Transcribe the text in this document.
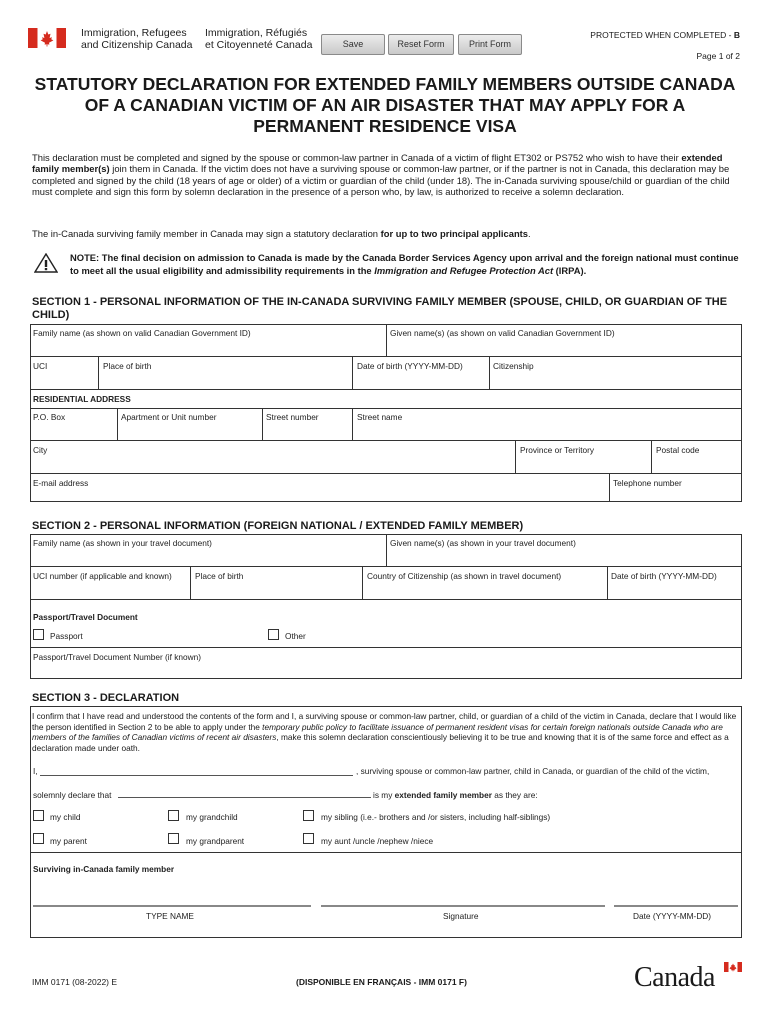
Immigration, Refugees
and Citizenship Canada
Immigration, Réfugiés
et Citoyenneté Canada	Save	Reset Form	Print Form
PROTECTED WHEN COMPLETED - B
Page 1 of 2
STATUTORY DECLARATION FOR EXTENDED FAMILY MEMBERS OUTSIDE CANADA OF A CANADIAN VICTIM OF AN AIR DISASTER THAT MAY APPLY FOR A PERMANENT RESIDENCE VISA
This declaration must be completed and signed by the spouse or common-law partner in Canada of a victim of flight ET302 or PS752 who wish to have their extended family member(s) join them in Canada. If the victim does not have a surviving spouse or common-law partner, or if the partner is not in Canada, this declaration may be completed and signed by the child (18 years of age or older) of a victim or guardian of the child (under 18). The in-Canada surviving spouse/child or guardian of the child must complete and sign this form by solemn declaration in the presence of a person who, by law, is authorized to receive a solemn declaration.
The in-Canada surviving family member in Canada may sign a statutory declaration for up to two principal applicants.
NOTE: The final decision on admission to Canada is made by the Canada Border Services Agency upon arrival and the foreign national must continue to meet all the usual eligibility and admissibility requirements in the Immigration and Refugee Protection Act (IRPA).
SECTION 1 - PERSONAL INFORMATION OF THE IN-CANADA SURVIVING FAMILY MEMBER (SPOUSE, CHILD, OR GUARDIAN OF THE CHILD)
Family name (as shown on valid Canadian Government ID)	Given name(s) (as shown on valid Canadian Government ID)
UCI	Place of birth	Date of birth (YYYY-MM-DD)	Citizenship
RESIDENTIAL ADDRESS
P.O. Box	Apartment or Unit number	Street number	Street name
City	Province or Territory	Postal code
E-mail address	Telephone number
SECTION 2 - PERSONAL INFORMATION (FOREIGN NATIONAL / EXTENDED FAMILY MEMBER)
Family name (as shown in your travel document)	Given name(s) (as shown in your travel document)
UCI number (if applicable and known)	Place of birth	Country of Citizenship (as shown in travel document)	Date of birth (YYYY-MM-DD)
Passport/Travel Document
Passport	Other
Passport/Travel Document Number (if known)
SECTION 3 - DECLARATION
I confirm that I have read and understood the contents of the form and I, a surviving spouse or common-law partner, child, or guardian of a child of the victim in Canada, declare that I would like the person identified in Section 2 to be able to apply under the temporary public policy to facilitate issuance of permanent resident visas for certain foreign nationals outside Canada who are members of the families of Canadian victims of recent air disasters, make this solemn declaration conscientiously believing it to be true and knowing that it is of the same force and effect as a declaration made under oath.
I,	, surviving spouse or common-law partner, child in Canada, or guardian of the child of the victim,
solemnly declare that	is my extended family member as they are:
my child	my grandchild	my sibling (i.e.- brothers and /or sisters, including half-siblings)
my parent	my grandparent	my aunt /uncle /nephew /niece
Surviving in-Canada family member
TYPE NAME	Signature	Date (YYYY-MM-DD)
IMM 0171 (08-2022) E	(DISPONIBLE EN FRANÇAIS - IMM 0171 F)	Canada
